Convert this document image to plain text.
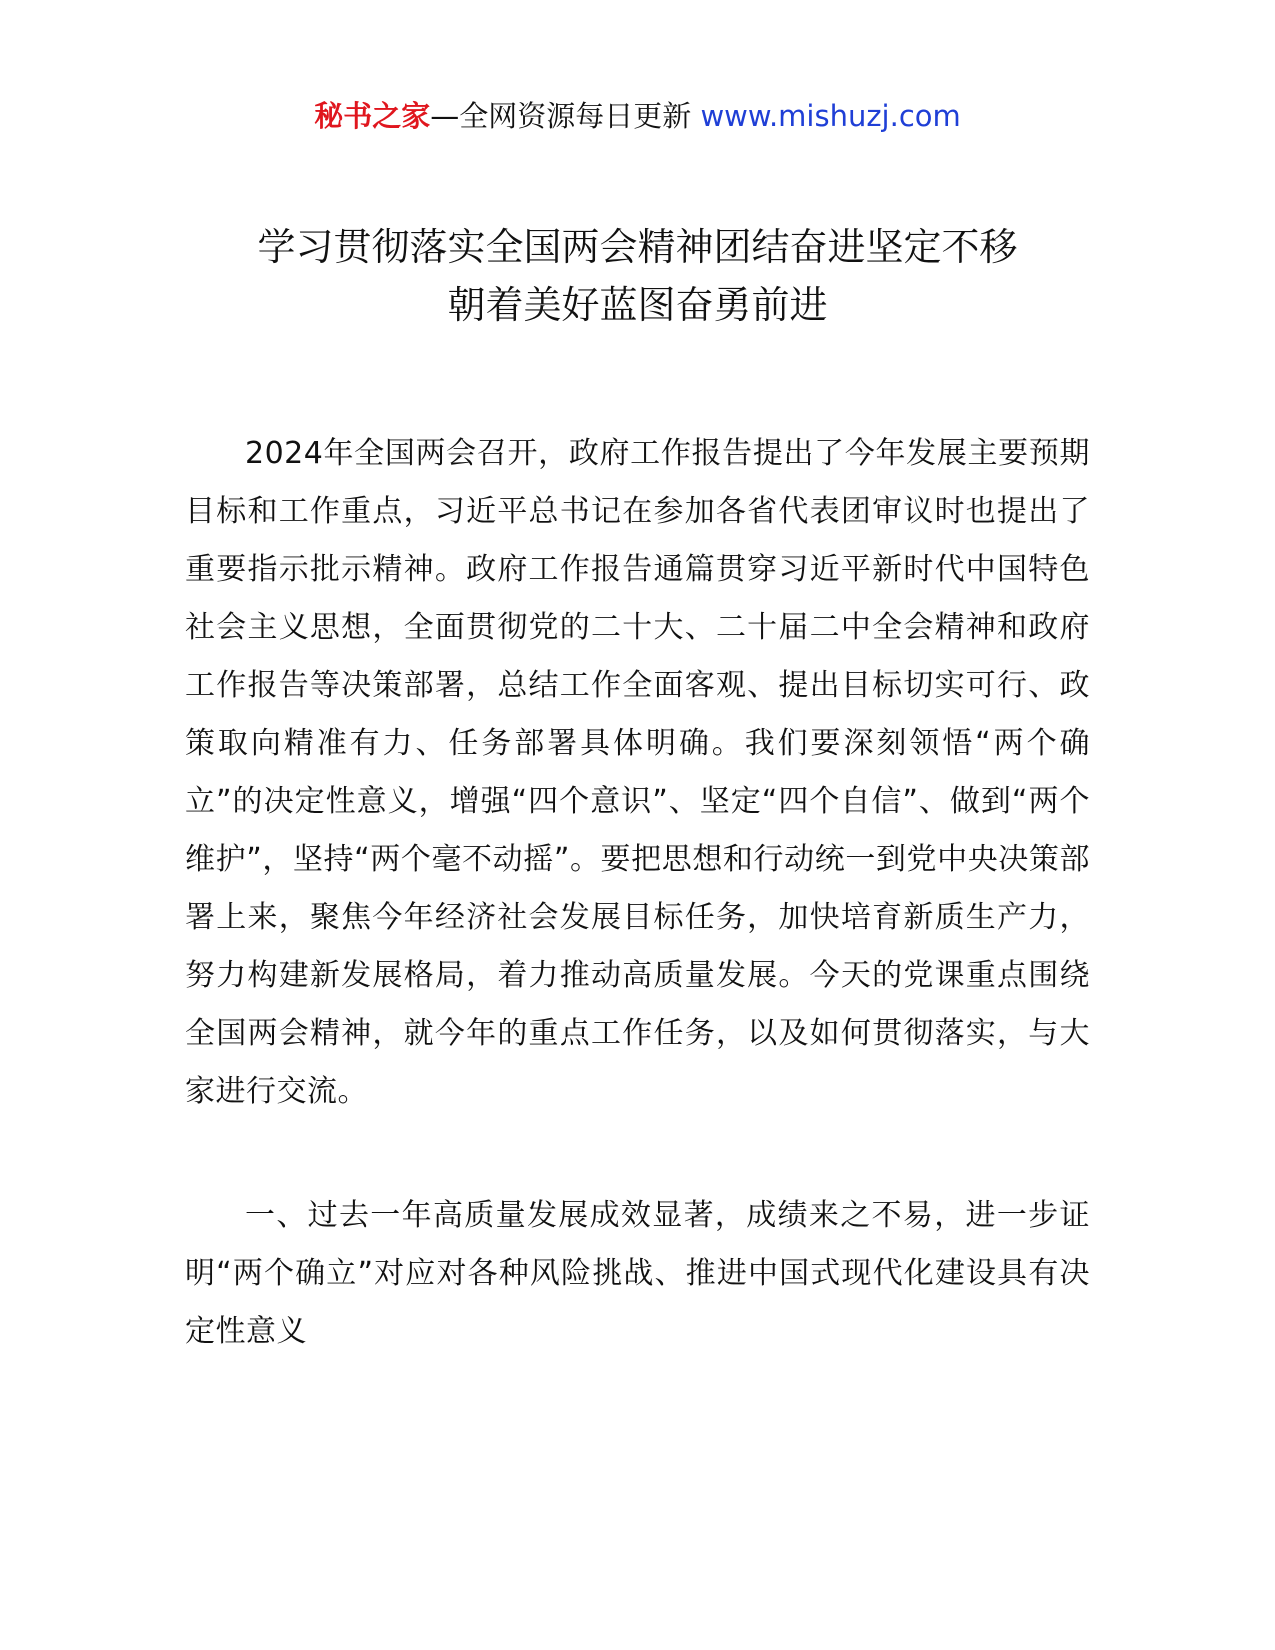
秘书之家—全网资源每日更新 www.mishuzj.com
学习贯彻落实全国两会精神团结奋进坚定不移
朝着美好蓝图奋勇前进

2024年全国两会召开，政府工作报告提出了今年发展主要预期目标和工作重点，习近平总书记在参加各省代表团审议时也提出了重要指示批示精神。政府工作报告通篇贯穿习近平新时代中国特色社会主义思想，全面贯彻党的二十大、二十届二中全会精神和政府工作报告等决策部署，总结工作全面客观、提出目标切实可行、政策取向精准有力、任务部署具体明确。我们要深刻领悟“两个确立”的决定性意义，增强“四个意识”、坚定“四个自信”、做到“两个维护”，坚持“两个毫不动摇”。要把思想和行动统一到党中央决策部署上来，聚焦今年经济社会发展目标任务，加快培育新质生产力，努力构建新发展格局，着力推动高质量发展。今天的党课重点围绕全国两会精神，就今年的重点工作任务，以及如何贯彻落实，与大家进行交流。

一、过去一年高质量发展成效显著，成绩来之不易，进一步证明“两个确立”对应对各种风险挑战、推进中国式现代化建设具有决定性意义
